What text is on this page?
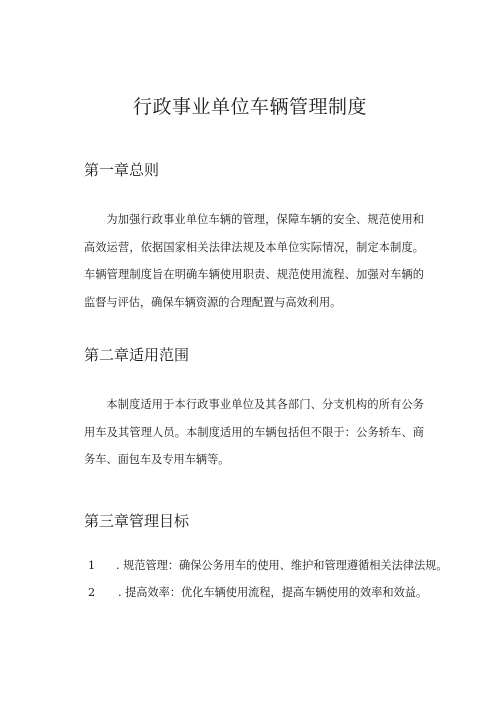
行政事业单位车辆管理制度
第一章总则

为加强行政事业单位车辆的管理，保障车辆的安全、规范使用和高效运营，依据国家相关法律法规及本单位实际情况，制定本制度。车辆管理制度旨在明确车辆使用职责、规范使用流程、加强对车辆的监督与评估，确保车辆资源的合理配置与高效利用。

第二章适用范围

本制度适用于本行政事业单位及其各部门、分支机构的所有公务用车及其管理人员。本制度适用的车辆包括但不限于：公务轿车、商务车、面包车及专用车辆等。

第三章管理目标
1 . 规范管理：确保公务用车的使用、维护和管理遵循相关法律法规。
2 . 提高效率：优化车辆使用流程，提高车辆使用的效率和效益。
